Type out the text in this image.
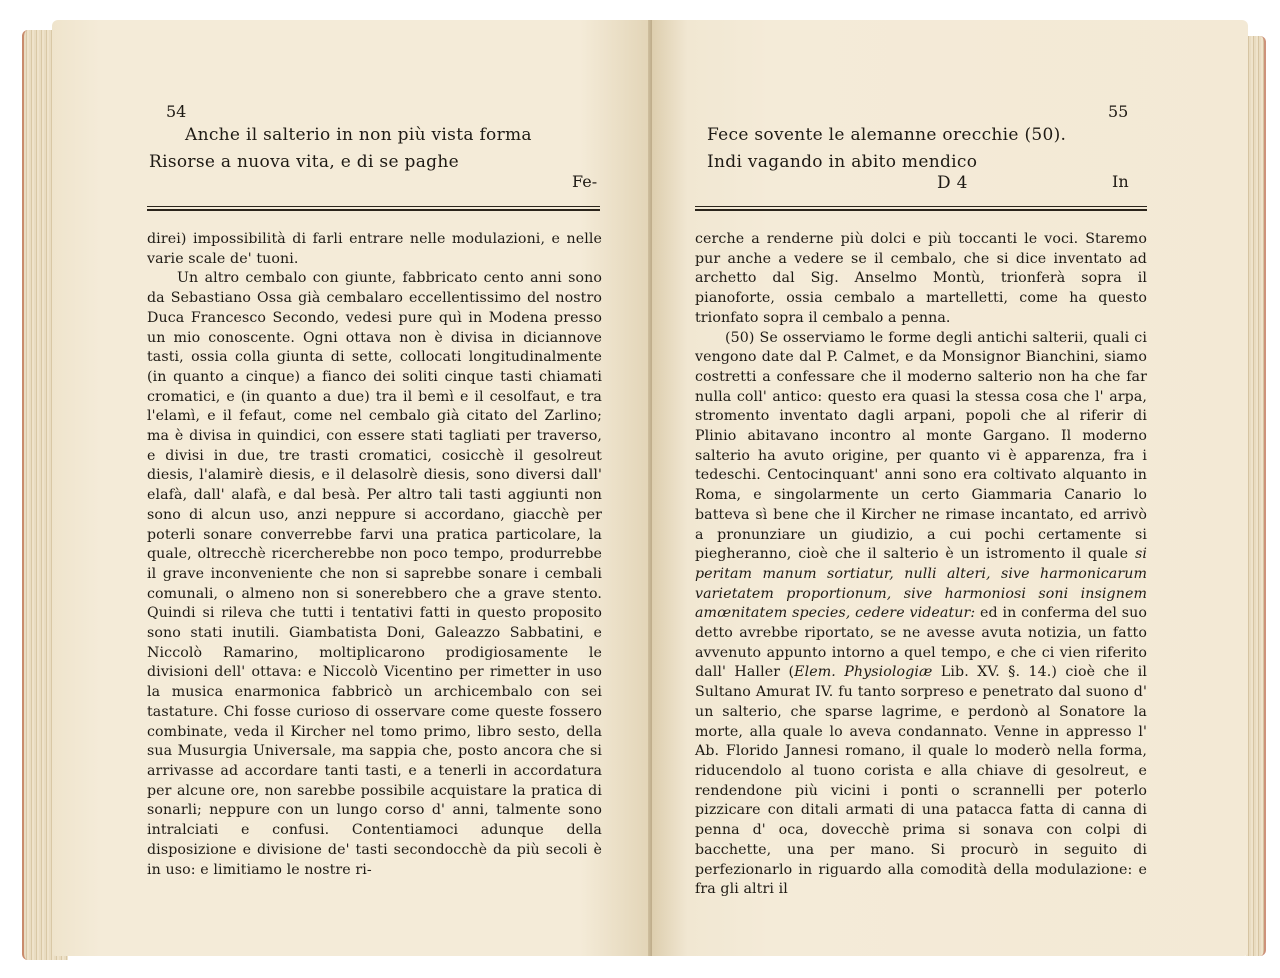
54
Anche il salterio in non più vista forma
Risorse a nuova vita, e di se paghe
Fe-

direi) impossibilità di farli entrare nelle modulazioni, e nelle varie scale de' tuoni.

Un altro cembalo con giunte, fabbricato cento anni sono da Sebastiano Ossa già cembalaro eccellentissimo del nostro Duca Francesco Secondo, vedesi pure quì in Modena presso un mio conoscente. Ogni ottava non è divisa in diciannove tasti, ossia colla giunta di sette, collocati longitudinalmente (in quanto a cinque) a fianco dei soliti cinque tasti chiamati cromatici, e (in quanto a due) tra il bemì e il cesolfaut, e tra l'elamì, e il fefaut, come nel cembalo già citato del Zarlino; ma è divisa in quindici, con essere stati tagliati per traverso, e divisi in due, tre trasti cromatici, cosicchè il gesolreut diesis, l'alamirè diesis, e il delasolrè diesis, sono diversi dall' elafà, dall' alafà, e dal besà. Per altro tali tasti aggiunti non sono di alcun uso, anzi neppure si accordano, giacchè per poterli sonare converrebbe farvi una pratica particolare, la quale, oltrecchè ricercherebbe non poco tempo, produrrebbe il grave inconveniente che non si saprebbe sonare i cembali comunali, o almeno non si sonerebbero che a grave stento. Quindi si rileva che tutti i tentativi fatti in questo proposito sono stati inutili. Giambatista Doni, Galeazzo Sabbatini, e Niccolò Ramarino, moltiplicarono prodigiosamente le divisioni dell' ottava: e Niccolò Vicentino per rimetter in uso la musica enarmonica fabbricò un archicembalo con sei tastature. Chi fosse curioso di osservare come queste fossero combinate, veda il Kircher nel tomo primo, libro sesto, della sua Musurgia Universale, ma sappia che, posto ancora che si arrivasse ad accordare tanti tasti, e a tenerli in accordatura per alcune ore, non sarebbe possibile acquistare la pratica di sonarli; neppure con un lungo corso d' anni, talmente sono intralciati e confusi. Contentiamoci adunque della disposizione e divisione de' tasti secondocchè da più secoli è in uso: e limitiamo le nostre ri-

55
Fece sovente le alemanne orecchie (50).
Indi vagando in abito mendico
D 4	In

cerche a renderne più dolci e più toccanti le voci. Staremo pur anche a vedere se il cembalo, che si dice inventato ad archetto dal Sig. Anselmo Montù, trionferà sopra il pianoforte, ossia cembalo a martelletti, come ha questo trionfato sopra il cembalo a penna.

(50) Se osserviamo le forme degli antichi salterii, quali ci vengono date dal P. Calmet, e da Monsignor Bianchini, siamo costretti a confessare che il moderno salterio non ha che far nulla coll' antico: questo era quasi la stessa cosa che l' arpa, stromento inventato dagli arpani, popoli che al riferir di Plinio abitavano incontro al monte Gargano. Il moderno salterio ha avuto origine, per quanto vi è apparenza, fra i tedeschi. Centocinquant' anni sono era coltivato alquanto in Roma, e singolarmente un certo Giammaria Canario lo batteva sì bene che il Kircher ne rimase incantato, ed arrivò a pronunziare un giudizio, a cui pochi certamente si piegheranno, cioè che il salterio è un istromento il quale si peritam manum sortiatur, nulli alteri, sive harmonicarum varietatem proportionum, sive harmoniosi soni insignem amœnitatem species, cedere videatur: ed in conferma del suo detto avrebbe riportato, se ne avesse avuta notizia, un fatto avvenuto appunto intorno a quel tempo, e che ci vien riferito dall' Haller (Elem. Physiologiæ Lib. XV. §. 14.) cioè che il Sultano Amurat IV. fu tanto sorpreso e penetrato dal suono d' un salterio, che sparse lagrime, e perdonò al Sonatore la morte, alla quale lo aveva condannato. Venne in appresso l' Ab. Florido Jannesi romano, il quale lo moderò nella forma, riducendolo al tuono corista e alla chiave di gesolreut, e rendendone più vicini i ponti o scrannelli per poterlo pizzicare con ditali armati di una patacca fatta di canna di penna d' oca, dovecchè prima si sonava con colpi di bacchette, una per mano. Si procurò in seguito di perfezionarlo in riguardo alla comodità della modulazione: e fra gli altri il
